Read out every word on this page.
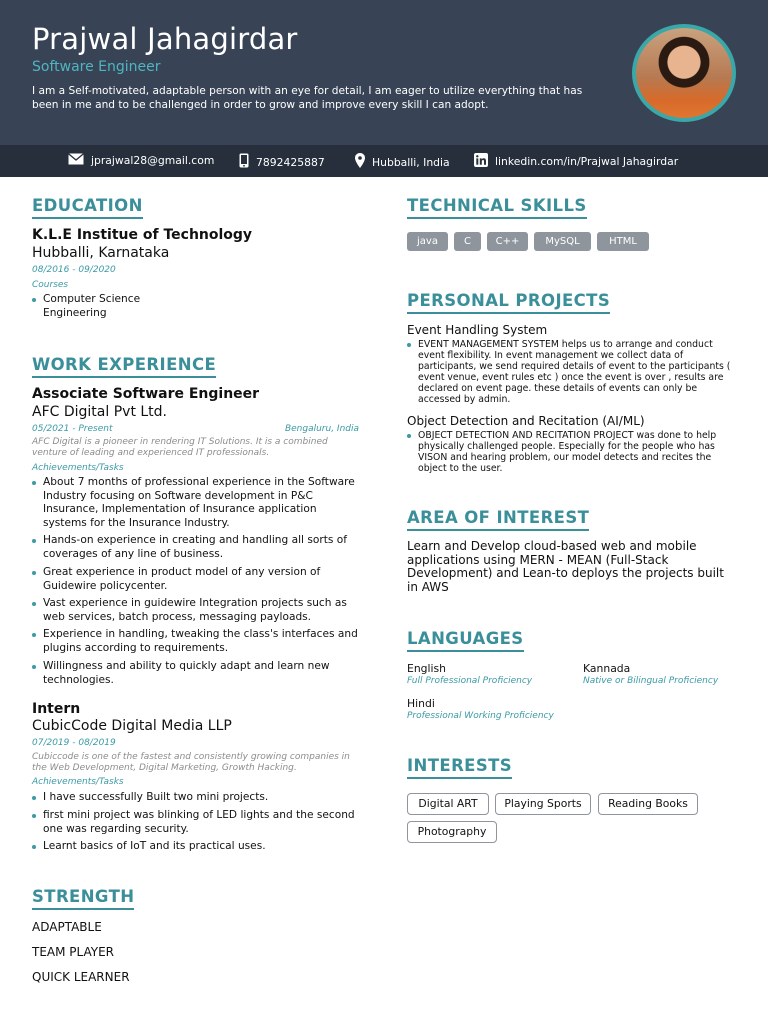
Prajwal Jahagirdar
Software Engineer
I am a Self-motivated, adaptable person with an eye for detail, I am eager to utilize everything that has been in me and to be challenged in order to grow and improve every skill I can adopt.
jprajwal28@gmail.com	7892425887	Hubballi, India	linkedin.com/in/Prajwal Jahagirdar
EDUCATION
K.L.E Institue of Technology
Hubballi, Karnataka
08/2016 - 09/2020
Courses
Computer Science
Engineering
WORK EXPERIENCE
Associate Software Engineer
AFC Digital Pvt Ltd.
05/2021 - Present	Bengaluru, India
AFC Digital is a pioneer in rendering IT Solutions. It is a combined venture of leading and experienced IT professionals.
Achievements/Tasks
About 7 months of professional experience in the Software Industry focusing on Software development in P&C Insurance, Implementation of Insurance application systems for the Insurance Industry.
Hands-on experience in creating and handling all sorts of coverages of any line of business.
Great experience in product model of any version of Guidewire policycenter.
Vast experience in guidewire Integration projects such as web services, batch process, messaging payloads.
Experience in handling, tweaking the class's interfaces and plugins according to requirements.
Willingness and ability to quickly adapt and learn new technologies.
Intern
CubicCode Digital Media LLP
07/2019 - 08/2019
Cubiccode is one of the fastest and consistently growing companies in the Web Development, Digital Marketing, Growth Hacking.
Achievements/Tasks
I have successfully Built two mini projects.
first mini project was blinking of LED lights and the second one was regarding security.
Learnt basics of IoT and its practical uses.
STRENGTH
ADAPTABLE
TEAM PLAYER
QUICK LEARNER
TECHNICAL SKILLS
java	C	C++	MySQL	HTML
PERSONAL PROJECTS
Event Handling System
EVENT MANAGEMENT SYSTEM helps us to arrange and conduct event flexibility. In event management we collect data of participants, we send required details of event to the participants ( event venue, event rules etc ) once the event is over , results are declared on event page. these details of events can only be accessed by admin.
Object Detection and Recitation (AI/ML)
OBJECT DETECTION AND RECITATION PROJECT was done to help physically challenged people. Especially for the people who has VISON and hearing problem, our model detects and recites the object to the user.
AREA OF INTEREST
Learn and Develop cloud-based web and mobile applications using MERN - MEAN (Full-Stack Development) and Lean-to deploys the projects built in AWS
LANGUAGES
English
Full Professional Proficiency
Kannada
Native or Bilingual Proficiency
Hindi
Professional Working Proficiency
INTERESTS
Digital ART	Playing Sports	Reading Books
Photography
